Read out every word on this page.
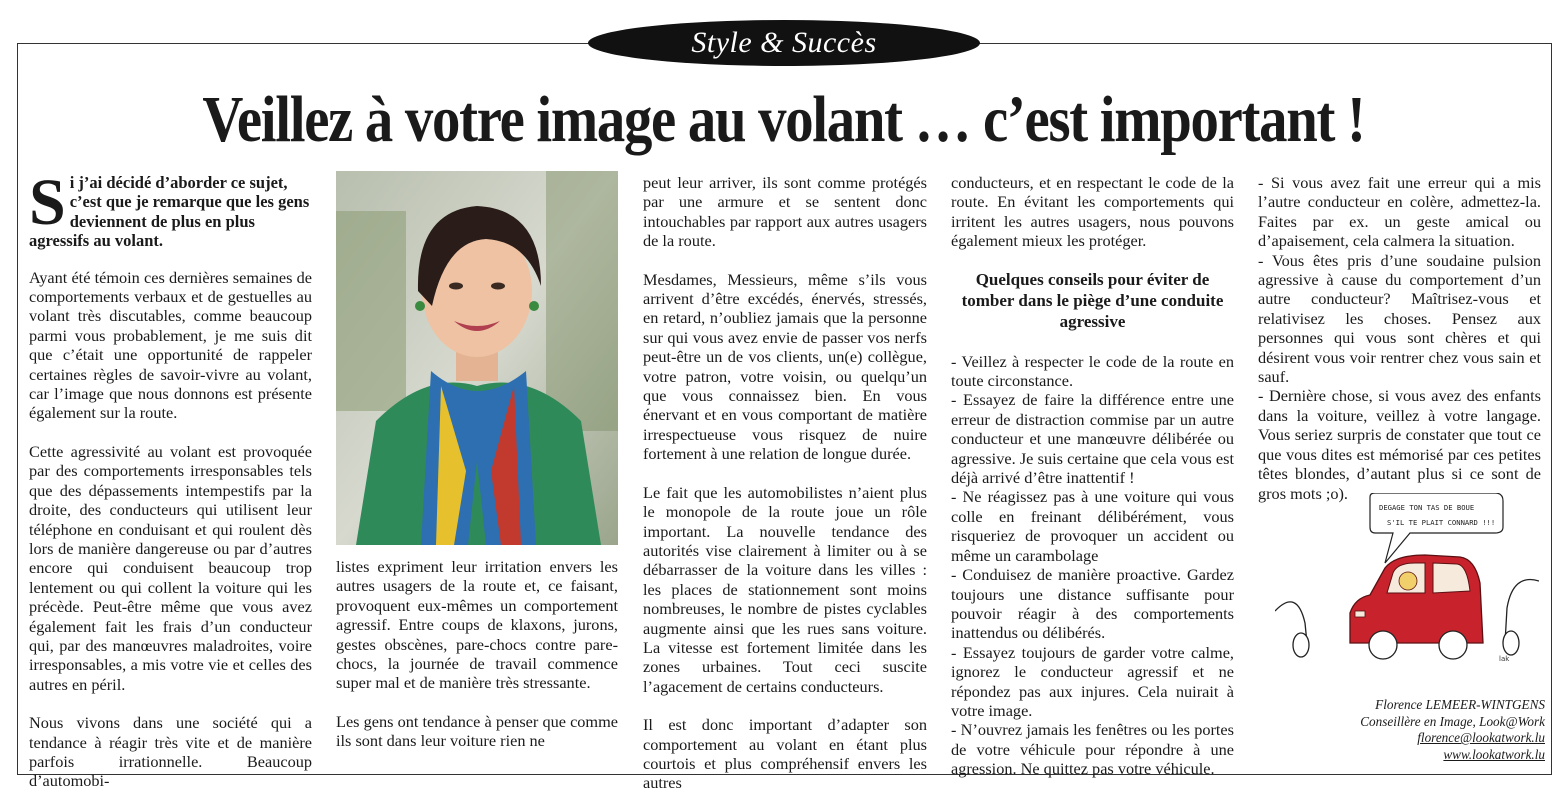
Style & Succès
Veillez à votre image au volant … c’est important !
Si j’ai décidé d’aborder ce sujet, c’est que je remarque que les gens deviennent de plus en plus agressifs au volant.

Ayant été témoin ces dernières semaines de comportements verbaux et de gestuelles au volant très discutables, comme beaucoup parmi vous probablement, je me suis dit que c’était une opportunité de rappeler certaines règles de savoir-vivre au volant, car l’image que nous donnons est présente également sur la route.

Cette agressivité au volant est provoquée par des comportements irresponsables tels que des dépassements intempestifs par la droite, des conducteurs qui utilisent leur téléphone en conduisant et qui roulent dès lors de manière dangereuse ou par d’autres encore qui conduisent beaucoup trop lentement ou qui collent la voiture qui les précède. Peut-être même que vous avez également fait les frais d’un conducteur qui, par des manœuvres maladroites, voire irresponsables, a mis votre vie et celles des autres en péril.

Nous vivons dans une société qui a tendance à réagir très vite et de manière parfois irrationnelle. Beaucoup d’automobi-

listes expriment leur irritation envers les autres usagers de la route et, ce faisant, provoquent eux-mêmes un comportement agressif. Entre coups de klaxons, jurons, gestes obscènes, pare-chocs contre pare-chocs, la journée de travail commence super mal et de manière très stressante.

Les gens ont tendance à penser que comme ils sont dans leur voiture rien ne

peut leur arriver, ils sont comme protégés par une armure et se sentent donc intouchables par rapport aux autres usagers de la route.

Mesdames, Messieurs, même s’ils vous arrivent d’être excédés, énervés, stressés, en retard, n’oubliez jamais que la personne sur qui vous avez envie de passer vos nerfs peut-être un de vos clients, un(e) collègue, votre patron, votre voisin, ou quelqu’un que vous connaissez bien. En vous énervant et en vous comportant de matière irrespectueuse vous risquez de nuire fortement à une relation de longue durée.

Le fait que les automobilistes n’aient plus le monopole de la route joue un rôle important. La nouvelle tendance des autorités vise clairement à limiter ou à se débarrasser de la voiture dans les villes : les places de stationnement sont moins nombreuses, le nombre de pistes cyclables augmente ainsi que les rues sans voiture. La vitesse est fortement limitée dans les zones urbaines. Tout ceci suscite l’agacement de certains conducteurs.

Il est donc important d’adapter son comportement au volant en étant plus courtois et plus compréhensif envers les autres

conducteurs, et en respectant le code de la route. En évitant les comportements qui irritent les autres usagers, nous pouvons également mieux les protéger.

Quelques conseils pour éviter de tomber dans le piège d’une conduite agressive
- Veillez à respecter le code de la route en toute circonstance.
- Essayez de faire la différence entre une erreur de distraction commise par un autre conducteur et une manœuvre délibérée ou agressive. Je suis certaine que cela vous est déjà arrivé d’être inattentif !
- Ne réagissez pas à une voiture qui vous colle en freinant délibérément, vous risqueriez de provoquer un accident ou même un carambolage
- Conduisez de manière proactive. Gardez toujours une distance suffisante pour pouvoir réagir à des comportements inattendus ou délibérés.
- Essayez toujours de garder votre calme, ignorez le conducteur agressif et ne répondez pas aux injures. Cela nuirait à votre image.
- N’ouvrez jamais les fenêtres ou les portes de votre véhicule pour répondre à une agression. Ne quittez pas votre véhicule.
- Si vous avez fait une erreur qui a mis l’autre conducteur en colère, admettez-la. Faites par ex. un geste amical ou d’apaisement, cela calmera la situation.
- Vous êtes pris d’une soudaine pulsion agressive à cause du comportement d’un autre conducteur? Maîtrisez-vous et relativisez les choses. Pensez aux personnes qui vous sont chères et qui désirent vous voir rentrer chez vous sain et sauf.
- Dernière chose, si vous avez des enfants dans la voiture, veillez à votre langage. Vous seriez surpris de constater que tout ce que vous dites est mémorisé par ces petites têtes blondes, d’autant plus si ce sont de gros mots ;o).
DEGAGE TON TAS DE BOUE
S'IL TE PLAIT CONNARD !!!
lak
Florence LEMEER-WINTGENS
Conseillère en Image, Look@Work
florence@lookatwork.lu
www.lookatwork.lu
